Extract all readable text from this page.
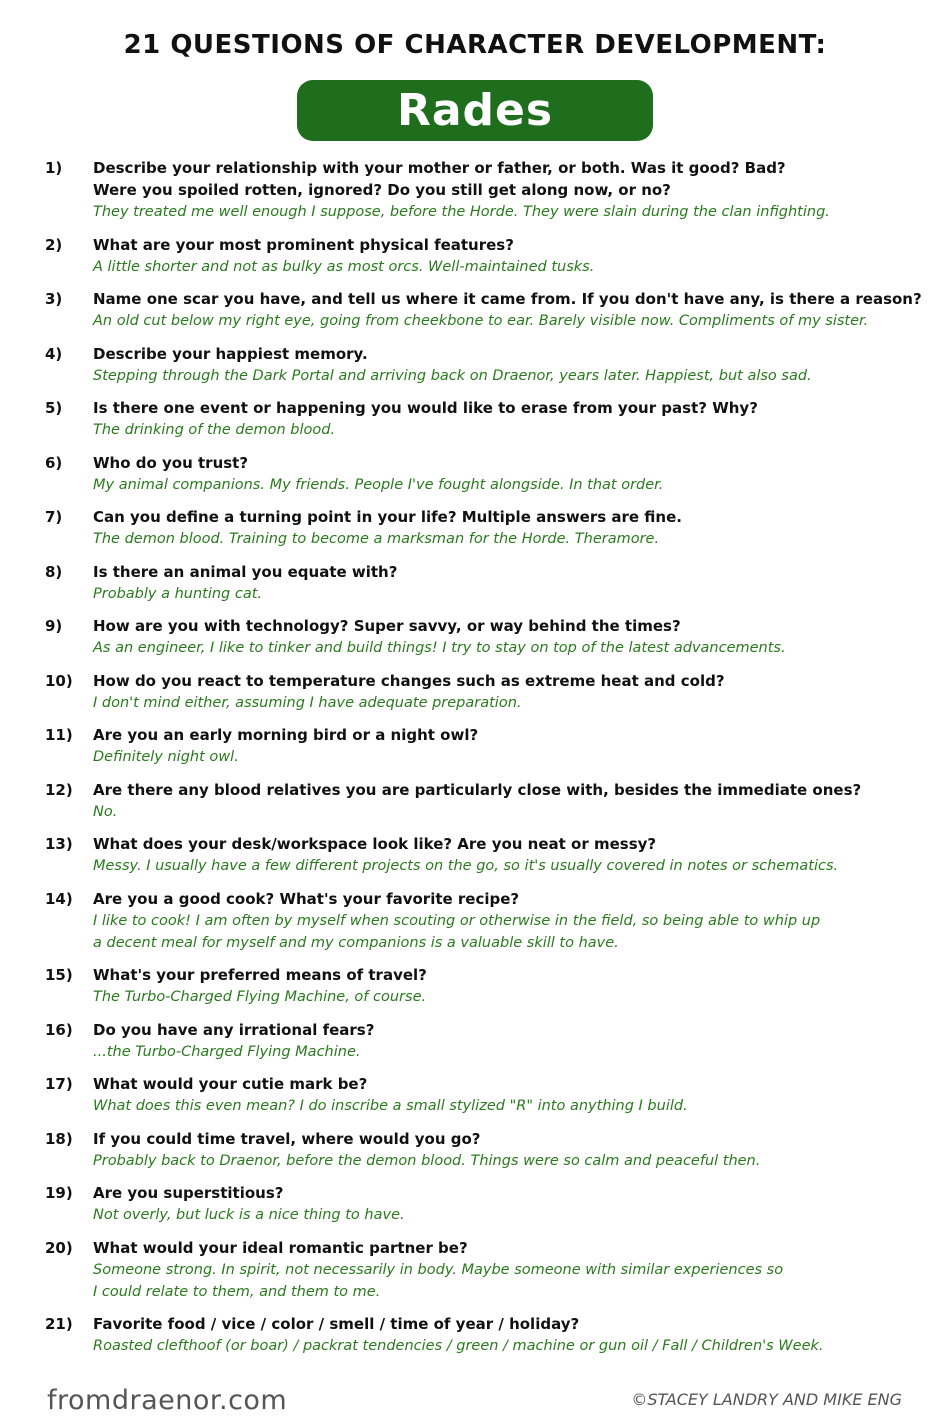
21 QUESTIONS OF CHARACTER DEVELOPMENT:
Rades
1) Describe your relationship with your mother or father, or both. Was it good? Bad?
Were you spoiled rotten, ignored? Do you still get along now, or no?
They treated me well enough I suppose, before the Horde. They were slain during the clan infighting.
2) What are your most prominent physical features?
A little shorter and not as bulky as most orcs. Well-maintained tusks.
3) Name one scar you have, and tell us where it came from. If you don't have any, is there a reason?
An old cut below my right eye, going from cheekbone to ear. Barely visible now. Compliments of my sister.
4) Describe your happiest memory.
Stepping through the Dark Portal and arriving back on Draenor, years later. Happiest, but also sad.
5) Is there one event or happening you would like to erase from your past? Why?
The drinking of the demon blood.
6) Who do you trust?
My animal companions. My friends. People I've fought alongside. In that order.
7) Can you define a turning point in your life? Multiple answers are fine.
The demon blood. Training to become a marksman for the Horde. Theramore.
8) Is there an animal you equate with?
Probably a hunting cat.
9) How are you with technology? Super savvy, or way behind the times?
As an engineer, I like to tinker and build things! I try to stay on top of the latest advancements.
10) How do you react to temperature changes such as extreme heat and cold?
I don't mind either, assuming I have adequate preparation.
11) Are you an early morning bird or a night owl?
Definitely night owl.
12) Are there any blood relatives you are particularly close with, besides the immediate ones?
No.
13) What does your desk/workspace look like? Are you neat or messy?
Messy. I usually have a few different projects on the go, so it's usually covered in notes or schematics.
14) Are you a good cook? What's your favorite recipe?
I like to cook! I am often by myself when scouting or otherwise in the field, so being able to whip up
a decent meal for myself and my companions is a valuable skill to have.
15) What's your preferred means of travel?
The Turbo-Charged Flying Machine, of course.
16) Do you have any irrational fears?
...the Turbo-Charged Flying Machine.
17) What would your cutie mark be?
What does this even mean? I do inscribe a small stylized "R" into anything I build.
18) If you could time travel, where would you go?
Probably back to Draenor, before the demon blood. Things were so calm and peaceful then.
19) Are you superstitious?
Not overly, but luck is a nice thing to have.
20) What would your ideal romantic partner be?
Someone strong. In spirit, not necessarily in body. Maybe someone with similar experiences so
I could relate to them, and them to me.
21) Favorite food / vice / color / smell / time of year / holiday?
Roasted clefthoof (or boar) / packrat tendencies / green / machine or gun oil / Fall / Children's Week.
fromdraenor.com	©STACEY LANDRY AND MIKE ENG
